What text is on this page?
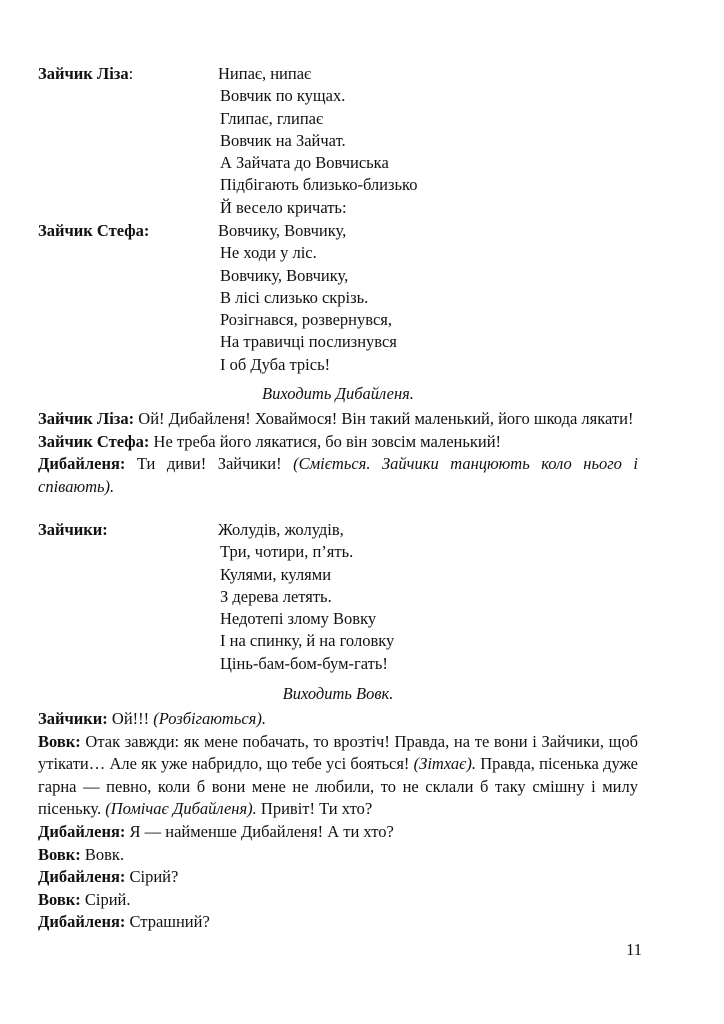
Зайчик Ліза:	Нипає, нипає
Вовчик по кущах.
Глипає, глипає
Вовчик на Зайчат.
А Зайчата до Вовчиська
Підбігають близько-близько
Й весело кричать:
Зайчик Стефа:	Вовчику, Вовчику,
Не ходи у ліс.
Вовчику, Вовчику,
В лісі слизько скрізь.
Розігнався, розвернувся,
На травичці послизнувся
І об Дуба трісь!
Виходить Дибайленя.

Зайчик Ліза: Ой! Дибайленя! Ховаймося! Він такий маленький, його шкода лякати!

Зайчик Стефа: Не треба його лякатися, бо він зовсім маленький!

Дибайленя: Ти диви! Зайчики! (Сміється. Зайчики танцюють коло нього і співають).

Зайчики:	Жолудів, жолудів,
Три, чотири, п’ять.
Кулями, кулями
З дерева летять.
Недотепі злому Вовку
І на спинку, й на головку
Цінь-бам-бом-бум-гать!
Виходить Вовк.

Зайчики: Ой!!! (Розбігаються).

Вовк: Отак завжди: як мене побачать, то врозтіч! Правда, на те вони і Зайчики, щоб утікати… Але як уже набридло, що тебе усі бояться! (Зітхає). Правда, пісенька дуже гарна — певно, коли б вони мене не любили, то не склали б таку смішну і милу пісеньку. (Помічає Дибайленя). Привіт! Ти хто?

Дибайленя: Я — найменше Дибайленя! А ти хто?

Вовк: Вовк.

Дибайленя: Сірий?

Вовк: Сірий.

Дибайленя: Страшний?

11
